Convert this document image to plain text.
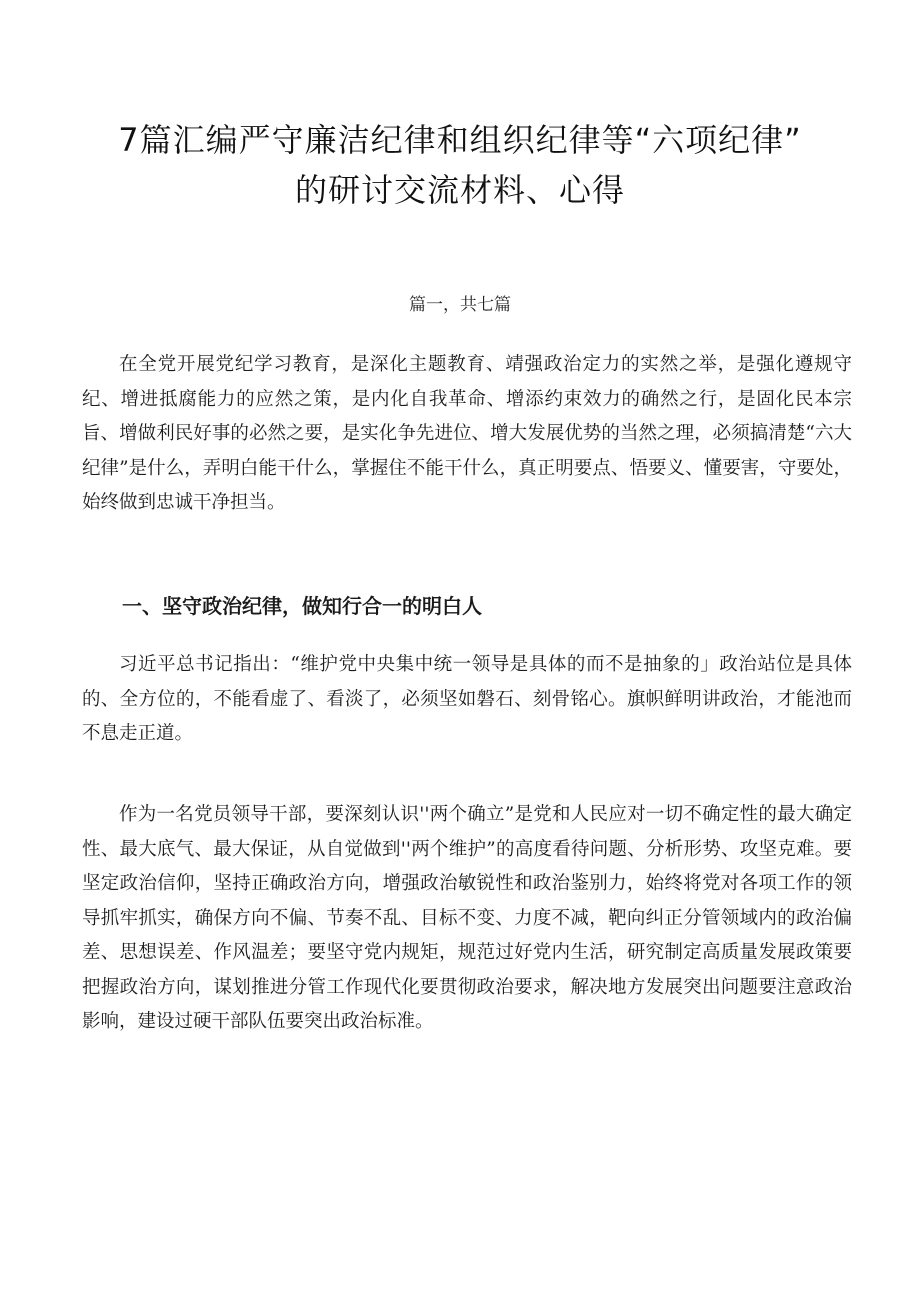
7篇汇编严守廉洁纪律和组织纪律等“六项纪律”
的研讨交流材料、心得
篇一，共七篇

在全党开展党纪学习教育，是深化主题教育、靖强政治定力的实然之举，是强化遵规守纪、增进抵腐能力的应然之策，是内化自我革命、增添约束效力的确然之行，是固化民本宗旨、增做利民好事的必然之要，是实化争先进位、增大发展优势的当然之理，必须搞清楚“六大纪律”是什么，弄明白能干什么，掌握住不能干什么，真正明要点、悟要义、懂要害，守要处，始终做到忠诚干净担当。

一、坚守政治纪律，做知行合一的明白人

习近平总书记指出：“维护党中央集中统一领导是具体的而不是抽象的」政治站位是具体的、全方位的，不能看虚了、看淡了，必须坚如磐石、刻骨铭心。旗帜鲜明讲政治，才能池而不息走正道。

作为一名党员领导干部，要深刻认识''两个确立”是党和人民应对一切不确定性的最大确定性、最大底气、最大保证，从自觉做到''两个维护”的高度看待问题、分析形势、攻坚克难。要坚定政治信仰，坚持正确政治方向，增强政治敏锐性和政治鉴别力，始终将党对各项工作的领导抓牢抓实，确保方向不偏、节奏不乱、目标不变、力度不减，靶向纠正分管领域内的政治偏差、思想误差、作风温差；要坚守党内规矩，规范过好党内生活，研究制定高质量发展政策要把握政治方向，谋划推进分管工作现代化要贯彻政治要求，解决地方发展突出问题要注意政治影响，建设过硬干部队伍要突出政治标准。
